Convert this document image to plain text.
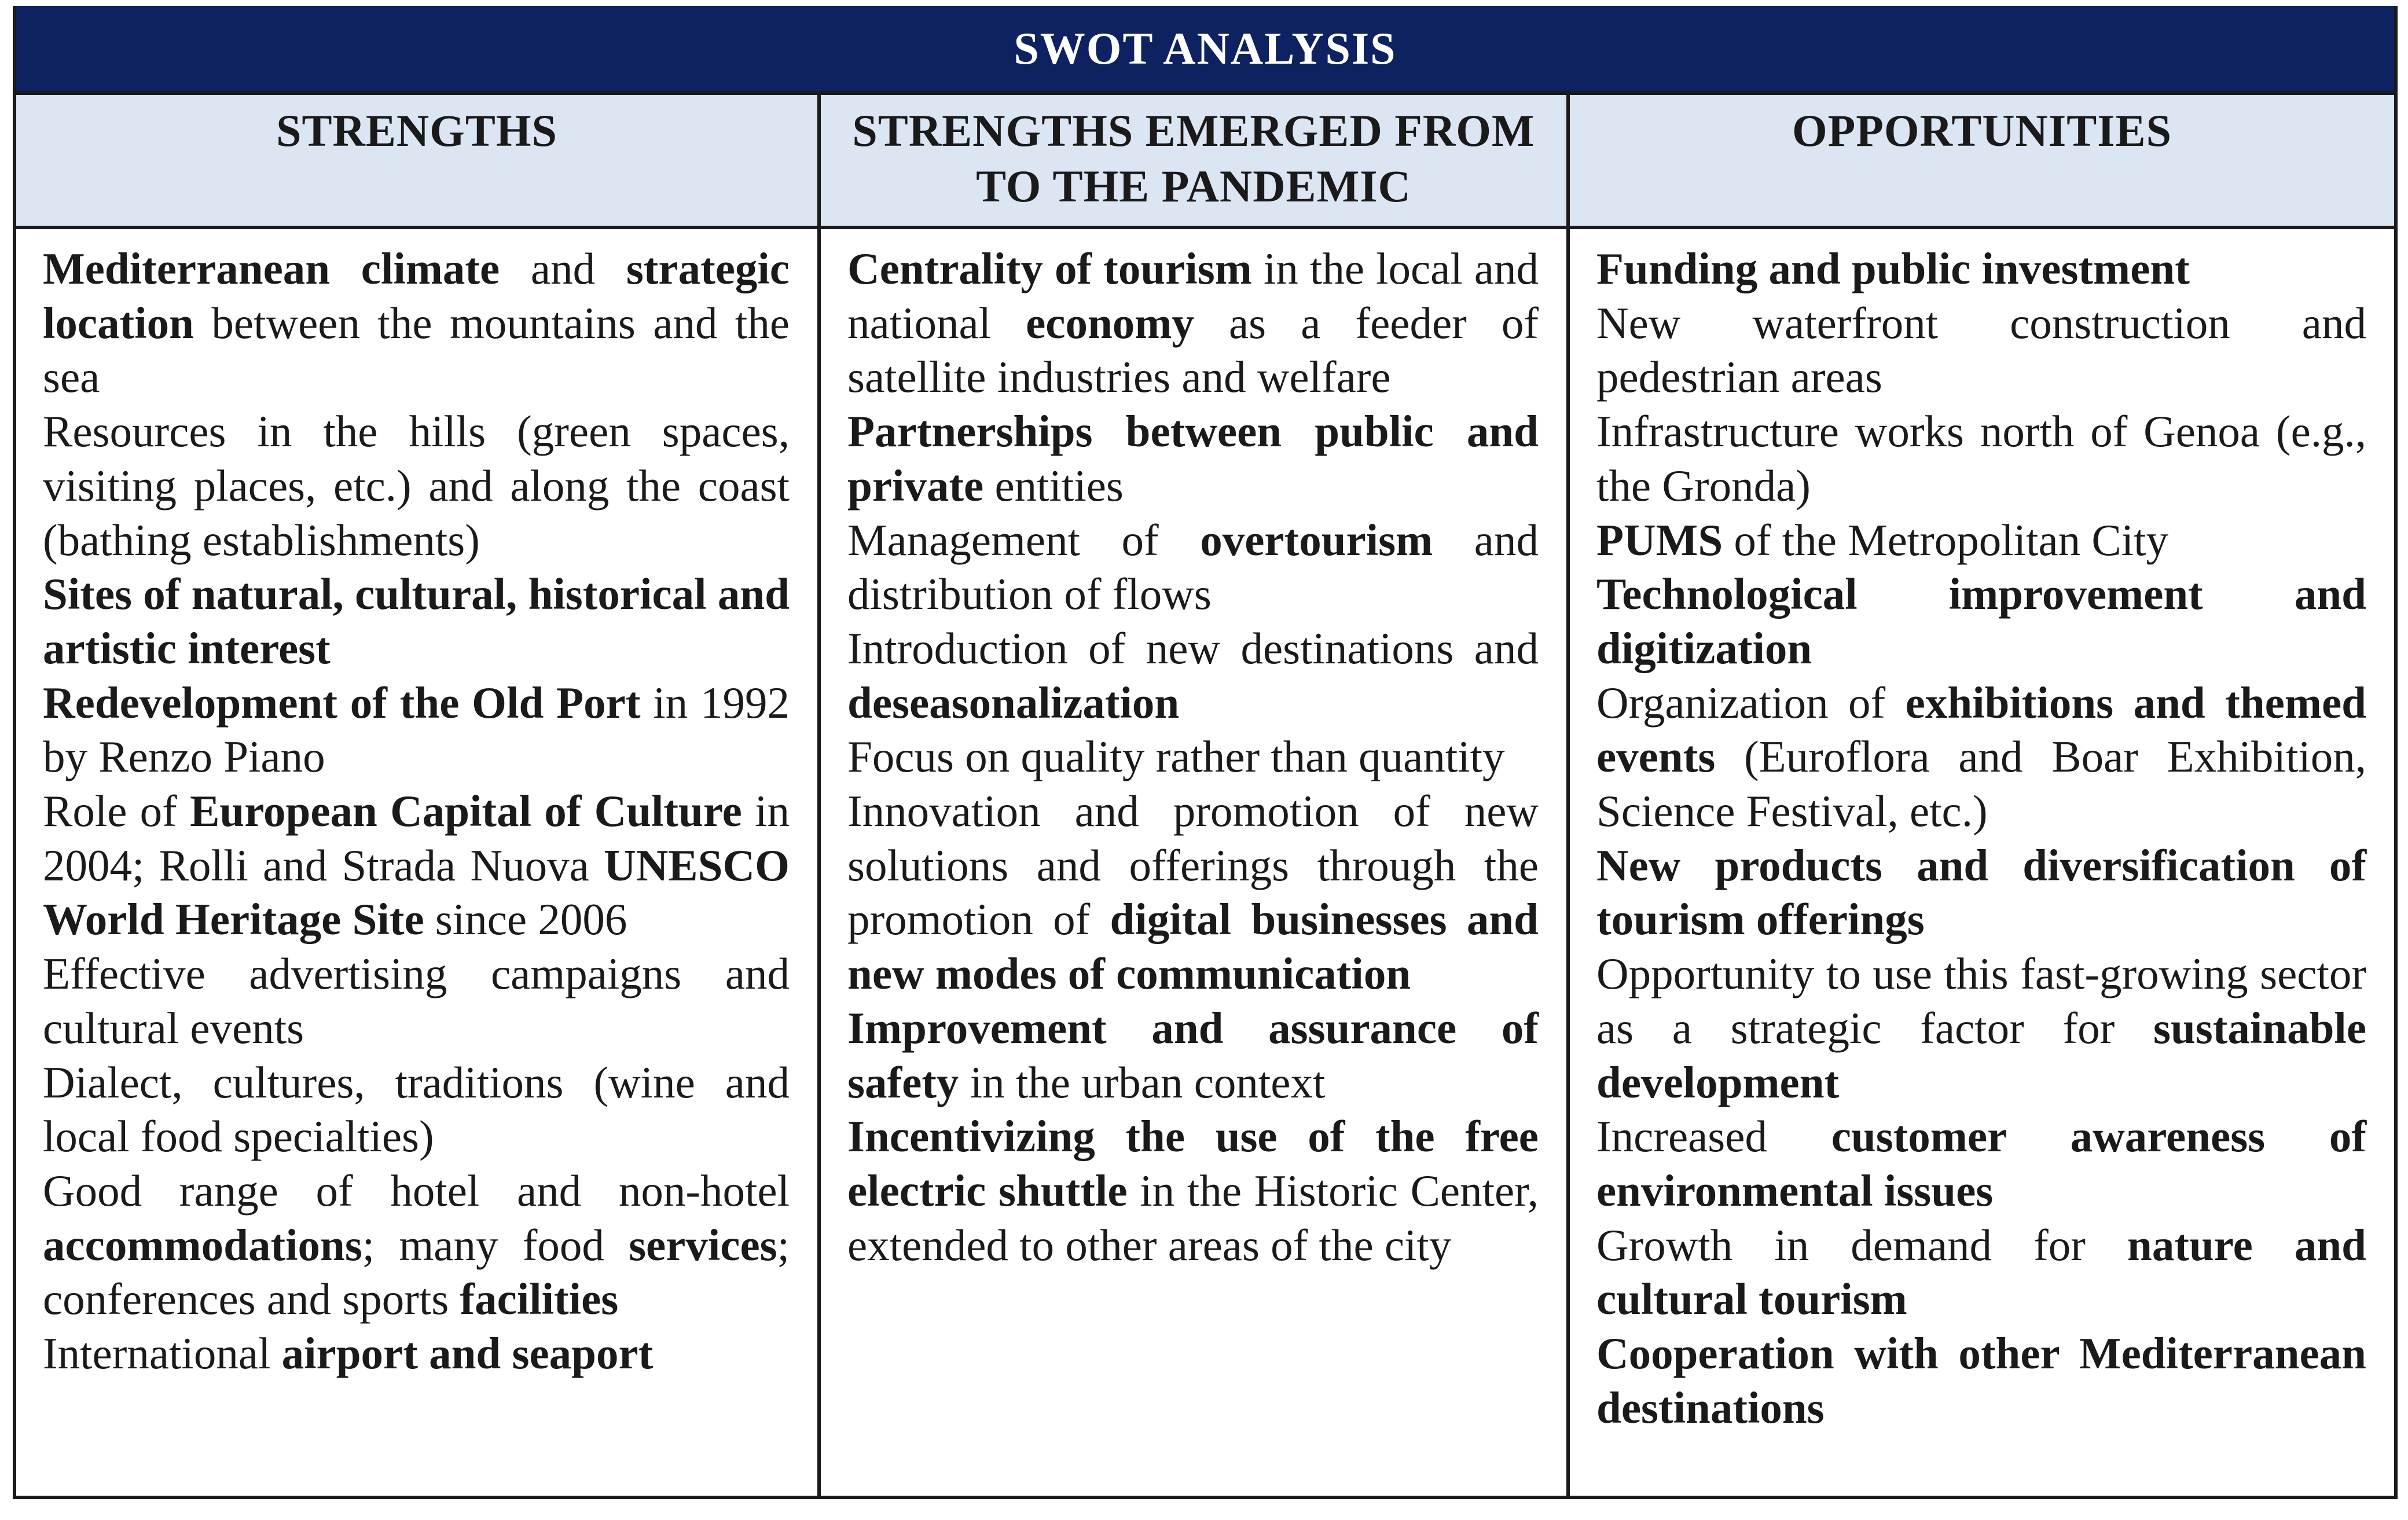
SWOT ANALYSIS
STRENGTHS	STRENGTHS EMERGED FROM TO THE PANDEMIC
OPPORTUNITIES

Mediterranean climate and strategic location between the mountains and the sea

Resources in the hills (green spaces, visiting places, etc.) and along the coast (bathing establishments)

Sites of natural, cultural, historical and artistic interest

Redevelopment of the Old Port in 1992 by Renzo Piano

Role of European Capital of Culture in 2004; Rolli and Strada Nuova UNESCO World Heritage Site since 2006

Effective advertising campaigns and cultural events

Dialect, cultures, traditions (wine and local food specialties)

Good range of hotel and non-hotel accommodations; many food services; conferences and sports facilities

International airport and seaport

Centrality of tourism in the local and national economy as a feeder of satellite industries and welfare

Partnerships between public and private entities

Management of overtourism and distribution of flows

Introduction of new destinations and deseasonalization

Focus on quality rather than quantity

Innovation and promotion of new solutions and offerings through the promotion of digital businesses and new modes of communication

Improvement and assurance of safety in the urban context

Incentivizing the use of the free electric shuttle in the Historic Center, extended to other areas of the city

Funding and public investment

New waterfront construction and pedestrian areas

Infrastructure works north of Genoa (e.g., the Gronda)

PUMS of the Metropolitan City

Technological improvement and digitization

Organization of exhibitions and themed events (Euroflora and Boar Exhibition, Science Festival, etc.)

New products and diversification of tourism offerings

Opportunity to use this fast-growing sector as a strategic factor for sustainable development

Increased customer awareness of environmental issues

Growth in demand for nature and cultural tourism

Cooperation with other Mediterranean destinations
